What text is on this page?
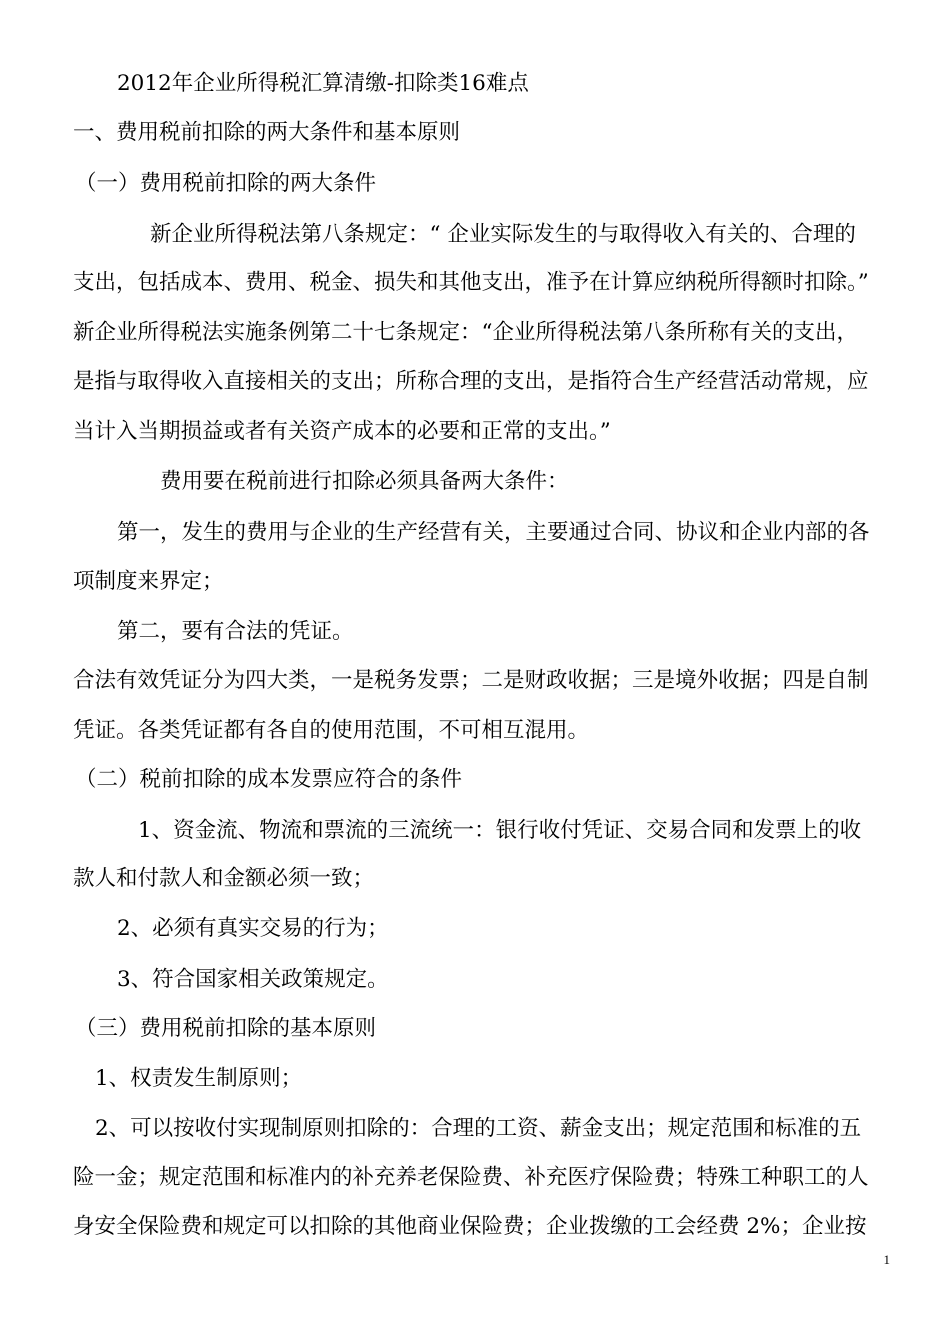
2012年企业所得税汇算清缴-扣除类16难点
一、费用税前扣除的两大条件和基本原则
（一）费用税前扣除的两大条件
新企业所得税法第八条规定：“ 企业实际发生的与取得收入有关的、合理的
支出，包括成本、费用、税金、损失和其他支出，准予在计算应纳税所得额时扣除。”
新企业所得税法实施条例第二十七条规定：“企业所得税法第八条所称有关的支出，
是指与取得收入直接相关的支出；所称合理的支出，是指符合生产经营活动常规，应
当计入当期损益或者有关资产成本的必要和正常的支出。”
费用要在税前进行扣除必须具备两大条件：
第一，发生的费用与企业的生产经营有关，主要通过合同、协议和企业内部的各
项制度来界定；
第二，要有合法的凭证。
合法有效凭证分为四大类，一是税务发票；二是财政收据；三是境外收据；四是自制
凭证。各类凭证都有各自的使用范围，不可相互混用。
（二）税前扣除的成本发票应符合的条件
1、资金流、物流和票流的三流统一：银行收付凭证、交易合同和发票上的收
款人和付款人和金额必须一致；
2、必须有真实交易的行为；
3、符合国家相关政策规定。
（三）费用税前扣除的基本原则
1、权责发生制原则；
2、可以按收付实现制原则扣除的：合理的工资、薪金支出；规定范围和标准的五
险一金；规定范围和标准内的补充养老保险费、补充医疗保险费；特殊工种职工的人
身安全保险费和规定可以扣除的其他商业保险费；企业拨缴的工会经费 2%；企业按
1
